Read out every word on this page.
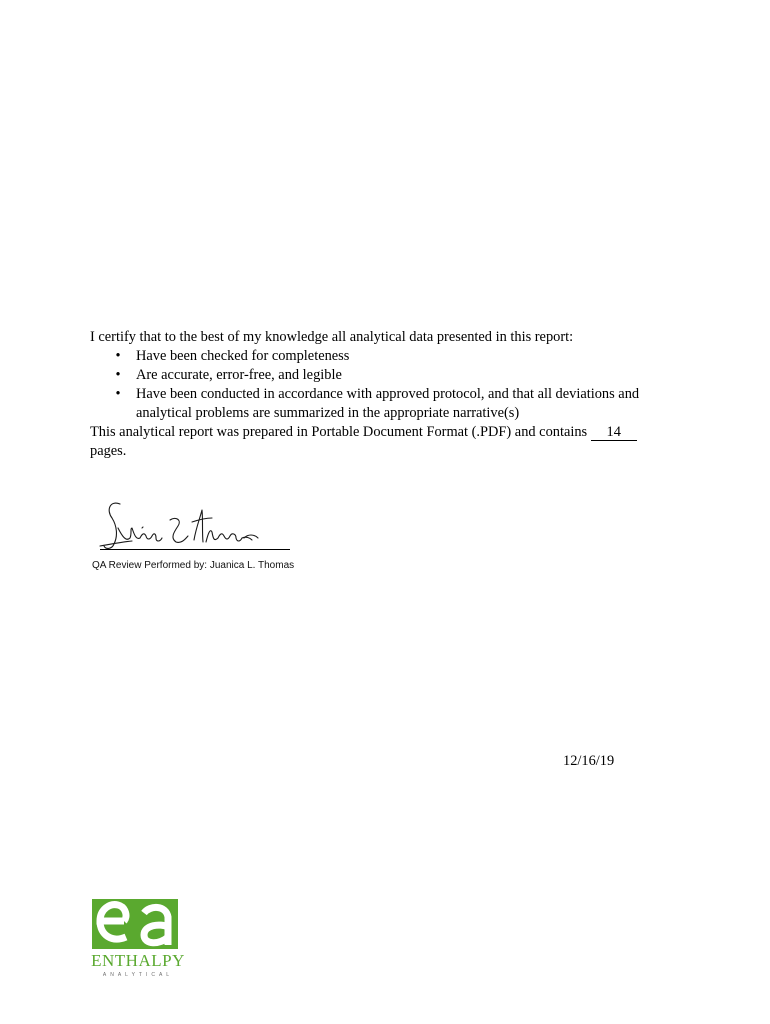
I certify that to the best of my knowledge all analytical data presented in this report:

• Have been checked for completeness
• Are accurate, error-free, and legible
• Have been conducted in accordance with approved protocol, and that all deviations and analytical problems are summarized in the appropriate narrative(s)

This analytical report was prepared in Portable Document Format (.PDF) and contains 14

pages.

QA Review Performed by: Juanica L. Thomas
12/16/19
ENTHALPY
ANALYTICAL
